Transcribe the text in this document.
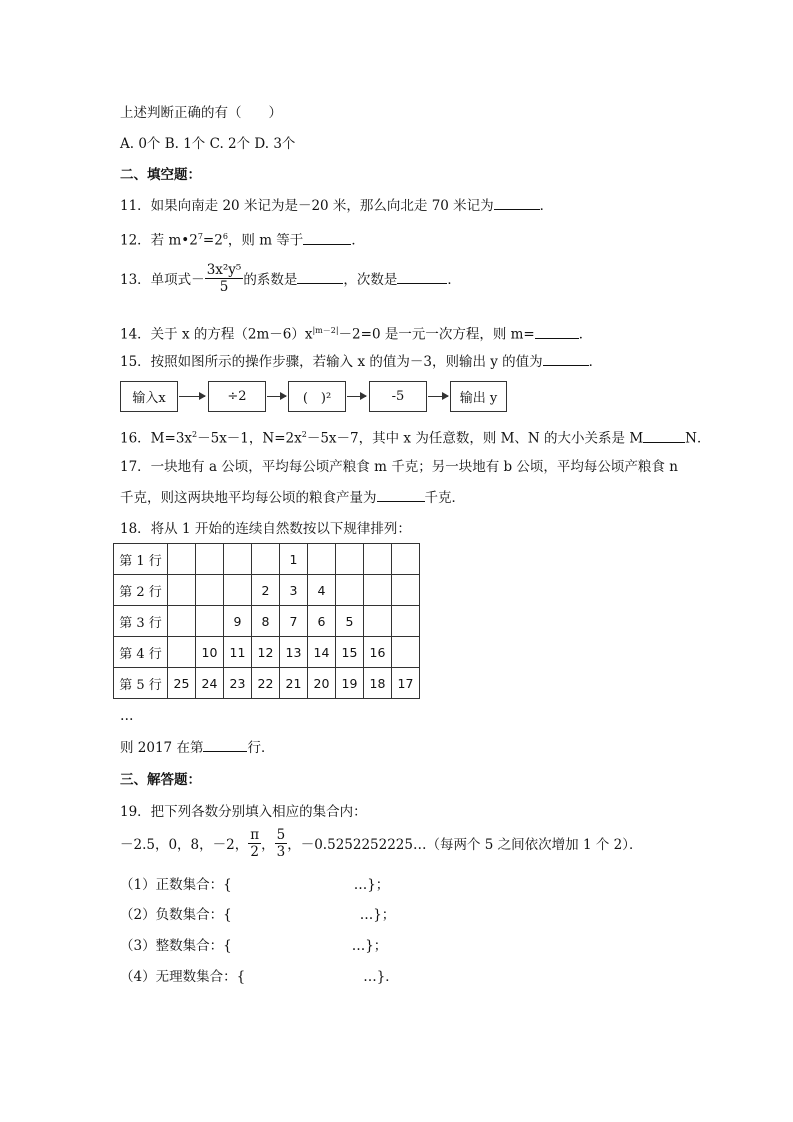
上述判断正确的有（　　）
A. 0个 B. 1个 C. 2个 D. 3个
二、填空题：
11．如果向南走 20 米记为是－20 米，那么向北走 70 米记为	．
12．若 $m•2^7=2^6$，则 m 等于	．
13．单项式－ $\frac{\text{3x²y⁵}}{5}$ 的系数是	，次数是	．
14．关于 x 的方程$(2m-6)x^{|m-2|}-2=0$ 是一元一次方程，则 m=	．
15．按照如图所示的操作步骤，若输入 x 的值为－3，则输出 y 的值为	．
输入x	÷2	(　)²	-5	输出 y
16．$M=3x^2-5x-1$，$N=2x^2-5x-7$，其中 x 为任意数，则 M、N 的大小关系是 M	N．
17．一块地有 a 公顷，平均每公顷产粮食 m 千克；另一块地有 b 公顷，平均每公顷产粮食 n
千克，则这两块地平均每公顷的粮食产量为	千克．
18．将从 1 开始的连续自然数按以下规律排列：
第 1 行					1				
第 2 行				2	3	4			
第 3 行			9	8	7	6	5		
第 4 行		10	11	12	13	14	15	16	
第 5 行	25	24	23	22	21	20	19	18	17
…
则 2017 在第	行．
三、解答题：
19．把下列各数分别填入相应的集合内：
－2.5，0，8，－2， $\frac{\pi}{2}$ ， $\frac{5}{3}$ ，－0.5252252225…（每两个 5 之间依次增加 1 个 2）．
（1）正数集合：{	…}；
（2）负数集合：{	…}；
（3）整数集合：{	…}；
（4）无理数集合：{	…}．
